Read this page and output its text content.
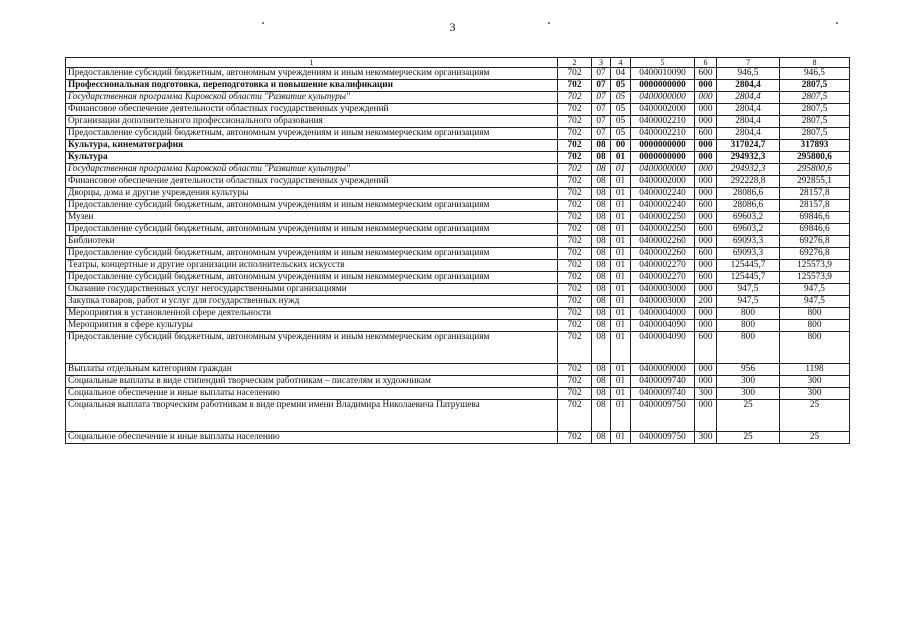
3
1	2	3	4	5	6	7	8
Предоставление субсидий бюджетным, автономным учреждениям и иным некоммерческим организациям	702	07	04	0400010090	600	946,5	946,5
Профессиональная подготовка, переподготовка и повышение квалификации	702	07	05	0000000000	000	2804,4	2807,5
Государственная программа Кировской области "Развитие культуры"	702	07	05	0400000000	000	2804,4	2807,5
Финансовое обеспечение деятельности областных государственных учреждений	702	07	05	0400002000	000	2804,4	2807,5
Организации дополнительного профессионального образования	702	07	05	0400002210	000	2804,4	2807,5
Предоставление субсидий бюджетным, автономным учреждениям и иным некоммерческим организациям	702	07	05	0400002210	600	2804,4	2807,5
Культура, кинематография	702	08	00	0000000000	000	317024,7	317893
Культура	702	08	01	0000000000	000	294932,3	295800,6
Государственная программа Кировской области "Развитие культуры"	702	08	01	0400000000	000	294932,3	295800,6
Финансовое обеспечение деятельности областных государственных учреждений	702	08	01	0400002000	000	292228,8	292855,1
Дворцы, дома и другие учреждения культуры	702	08	01	0400002240	000	28086,6	28157,8
Предоставление субсидий бюджетным, автономным учреждениям и иным некоммерческим организациям	702	08	01	0400002240	600	28086,6	28157,8
Музеи	702	08	01	0400002250	000	69603,2	69846,6
Предоставление субсидий бюджетным, автономным учреждениям и иным некоммерческим организациям	702	08	01	0400002250	600	69603,2	69846,6
Библиотеки	702	08	01	0400002260	000	69093,3	69276,8
Предоставление субсидий бюджетным, автономным учреждениям и иным некоммерческим организациям	702	08	01	0400002260	600	69093,3	69276,8
Театры, концертные и другие организации исполнительских искусств	702	08	01	0400002270	000	125445,7	125573,9
Предоставление субсидий бюджетным, автономным учреждениям и иным некоммерческим организациям	702	08	01	0400002270	600	125445,7	125573,9
Оказание государственных услуг негосударственными организациями	702	08	01	0400003000	000	947,5	947,5
Закупка товаров, работ и услуг для государственных нужд	702	08	01	0400003000	200	947,5	947,5
Мероприятия в установленной сфере деятельности	702	08	01	0400004000	000	800	800
Мероприятия в сфере культуры	702	08	01	0400004090	000	800	800
Предоставление субсидий бюджетным, автономным учреждениям и иным некоммерческим организациям	702	08	01	0400004090	600	800	800
Выплаты отдельным категориям граждан	702	08	01	0400009000	000	956	1198
Социальные выплаты в виде стипендий творческим работникам – писателям и художникам	702	08	01	0400009740	000	300	300
Социальное обеспечение и иные выплаты населению	702	08	01	0400009740	300	300	300
Социальная выплата творческим работникам в виде премии имени Владимира Николаевича Патрушева	702	08	01	0400009750	000	25	25
Социальное обеспечение и иные выплаты населению	702	08	01	0400009750	300	25	25
